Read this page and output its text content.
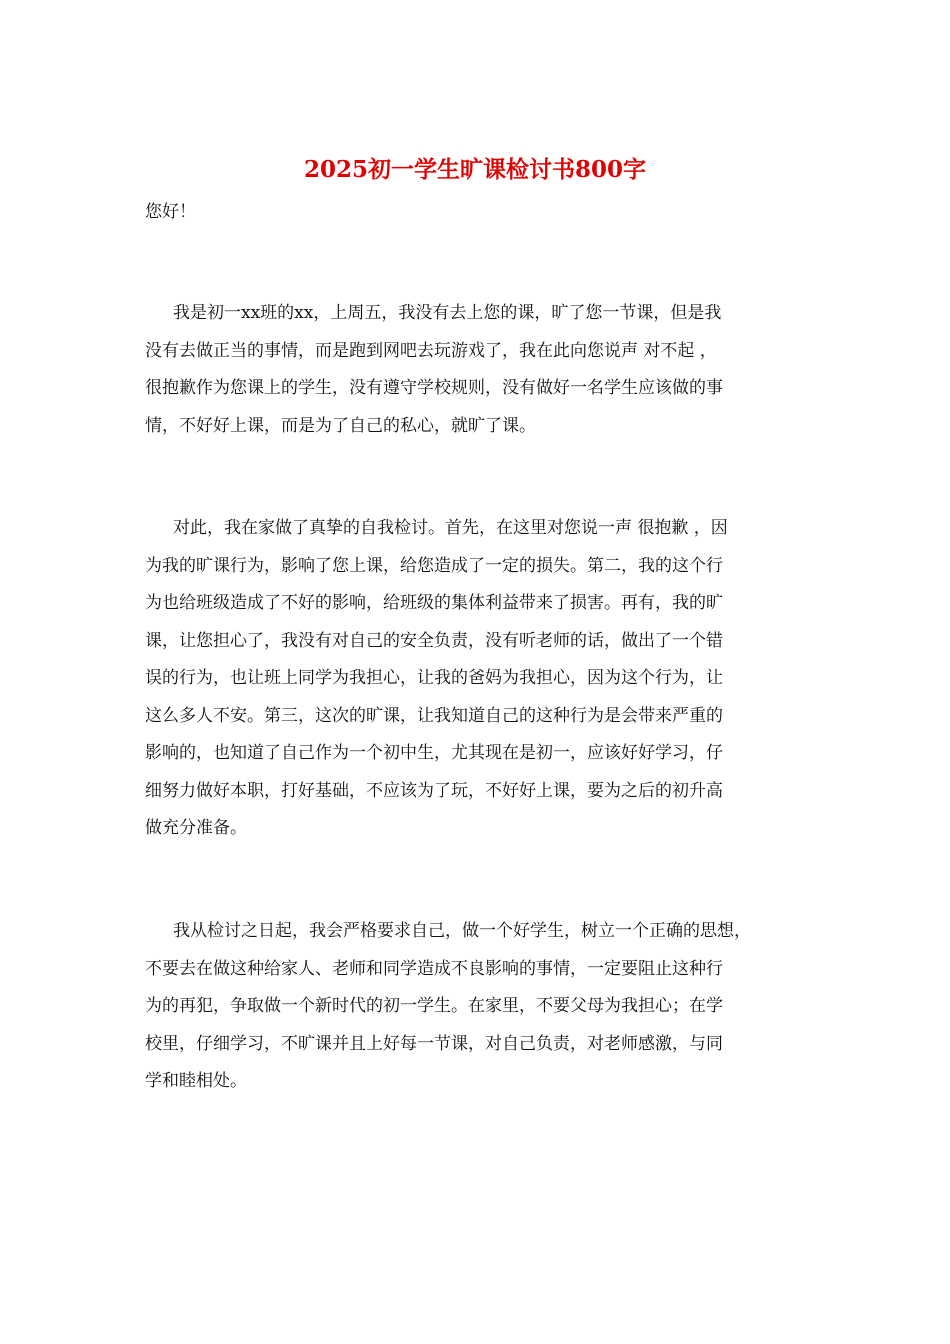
2025初一学生旷课检讨书800字

您好！

我是初一xx班的xx，上周五，我没有去上您的课，旷了您一节课，但是我
没有去做正当的事情，而是跑到网吧去玩游戏了，我在此向您说声 对不起 ，
很抱歉作为您课上的学生，没有遵守学校规则，没有做好一名学生应该做的事
情，不好好上课，而是为了自己的私心，就旷了课。
对此，我在家做了真挚的自我检讨。首先，在这里对您说一声 很抱歉 ，因
为我的旷课行为，影响了您上课，给您造成了一定的损失。第二，我的这个行
为也给班级造成了不好的影响，给班级的集体利益带来了损害。再有，我的旷
课，让您担心了，我没有对自己的安全负责，没有听老师的话，做出了一个错
误的行为，也让班上同学为我担心，让我的爸妈为我担心，因为这个行为，让
这么多人不安。第三，这次的旷课，让我知道自己的这种行为是会带来严重的
影响的，也知道了自己作为一个初中生，尤其现在是初一，应该好好学习，仔
细努力做好本职，打好基础，不应该为了玩，不好好上课，要为之后的初升高
做充分准备。
我从检讨之日起，我会严格要求自己，做一个好学生，树立一个正确的思想，
不要去在做这种给家人、老师和同学造成不良影响的事情，一定要阻止这种行
为的再犯，争取做一个新时代的初一学生。在家里，不要父母为我担心；在学
校里，仔细学习，不旷课并且上好每一节课，对自己负责，对老师感激，与同
学和睦相处。
